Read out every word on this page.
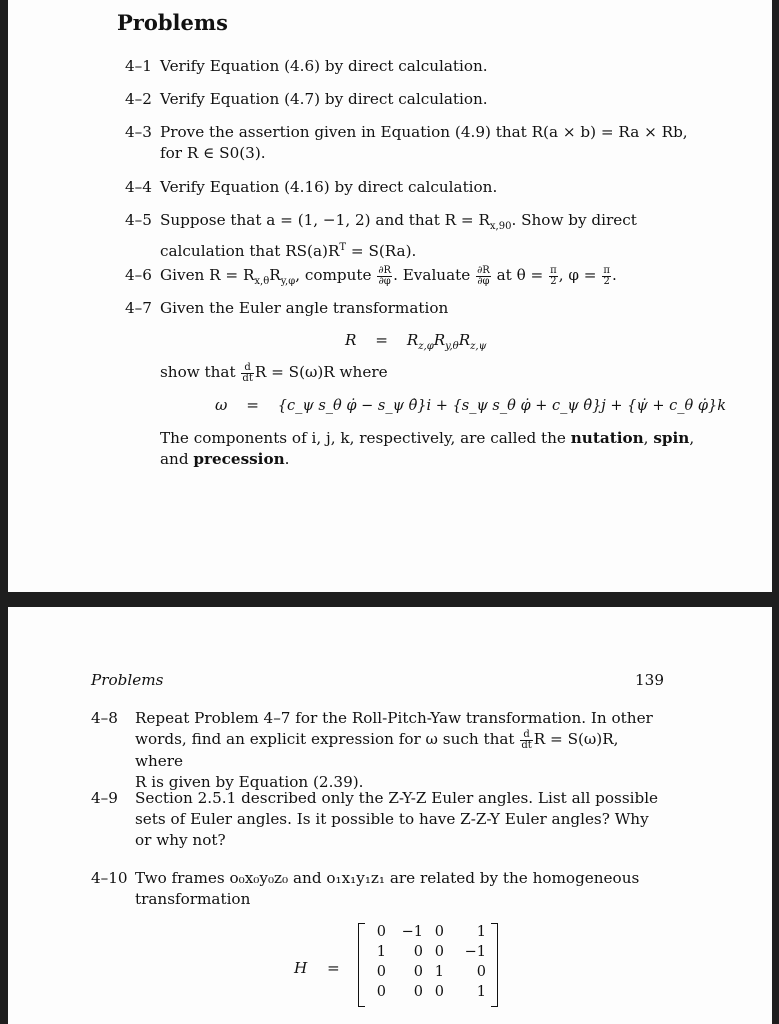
Problems
4–1 Verify Equation (4.6) by direct calculation.
4–2 Verify Equation (4.7) by direct calculation.
4–3 Prove the assertion given in Equation (4.9) that R(a × b) = Ra × Rb,
for R ∈ S0(3).
4–4 Verify Equation (4.16) by direct calculation.
4–5 Suppose that a = (1, −1, 2) and that $R = R_{x,90}$. Show by direct
calculation that $RS(a)R^T = S(Ra)$.
4–6 Given $R = R_{x,\theta}R_{y,\varphi}$, compute $\frac{\partial R}{\partial\varphi}$ . Evaluate $\frac{\partial R}{\partial\varphi}$ at $\theta = \frac{\pi}{2}$ , $\varphi = \frac{\pi}{2}$ .
4–7 Given the Euler angle transformation
$R = R_{z,\varphi}R_{y,\theta}R_{z,\psi}$
show that $\frac{d}{dt}$ R = S(ω)R where
ω = {c_ψ s_θ φ̇ − s_ψ θ̇}i + {s_ψ s_θ φ̇ + c_ψ θ̇}j + {ψ̇ + c_θ φ̇}k
The components of i, j, k, respectively, are called the nutation, spin,
and precession.
Problems	139
4–8 Repeat Problem 4–7 for the Roll-Pitch-Yaw transformation. In other
words, find an explicit expression for ω such that $\frac{d}{dt}$ R = S(ω)R, where
R is given by Equation (2.39).
4–9 Section 2.5.1 described only the Z-Y-Z Euler angles. List all possible
sets of Euler angles. Is it possible to have Z-Z-Y Euler angles? Why
or why not?
4–10 Two frames o₀x₀y₀z₀ and o₁x₁y₁z₁ are related by the homogeneous
transformation
H =
0	−1 0	1
1	0 0	−1
0	0 1	0
0	0 0	1
